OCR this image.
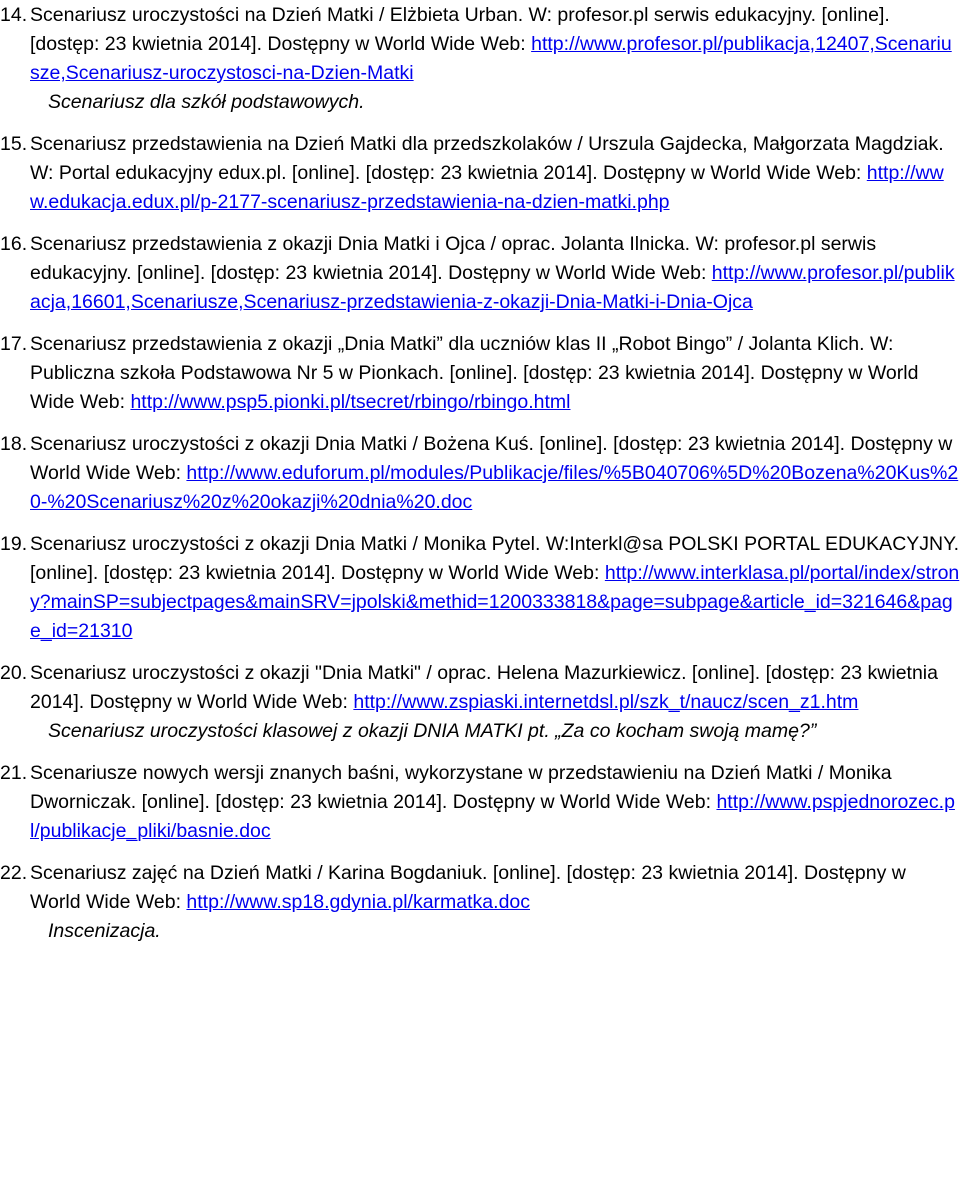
14. Scenariusz uroczystości na Dzień Matki / Elżbieta Urban. W: profesor.pl serwis edukacyjny. [online]. [dostęp: 23 kwietnia 2014]. Dostępny w World Wide Web: http://www.profesor.pl/publikacja,12407,Scenariusze,Scenariusz-uroczystosci-na-Dzien-Matki
Scenariusz dla szkół podstawowych.
15. Scenariusz przedstawienia na Dzień Matki dla przedszkolaków / Urszula Gajdecka, Małgorzata Magdziak. W: Portal edukacyjny edux.pl. [online]. [dostęp: 23 kwietnia 2014]. Dostępny w World Wide Web: http://www.edukacja.edux.pl/p-2177-scenariusz-przedstawienia-na-dzien-matki.php
16. Scenariusz przedstawienia z okazji Dnia Matki i Ojca / oprac. Jolanta Ilnicka. W: profesor.pl serwis edukacyjny. [online]. [dostęp: 23 kwietnia 2014]. Dostępny w World Wide Web: http://www.profesor.pl/publikacja,16601,Scenariusze,Scenariusz-przedstawienia-z-okazji-Dnia-Matki-i-Dnia-Ojca
17. Scenariusz przedstawienia z okazji „Dnia Matki” dla uczniów klas II „Robot Bingo” / Jolanta Klich. W: Publiczna szkoła Podstawowa Nr 5 w Pionkach. [online]. [dostęp: 23 kwietnia 2014]. Dostępny w World Wide Web: http://www.psp5.pionki.pl/tsecret/rbingo/rbingo.html
18. Scenariusz uroczystości z okazji Dnia Matki / Bożena Kuś. [online]. [dostęp: 23 kwietnia 2014]. Dostępny w World Wide Web: http://www.eduforum.pl/modules/Publikacje/files/%5B040706%5D%20Bozena%20Kus%20-%20Scenariusz%20z%20okazji%20dnia%20.doc
19. Scenariusz uroczystości z okazji Dnia Matki / Monika Pytel. W:Interkl@sa POLSKI PORTAL EDUKACYJNY. [online]. [dostęp: 23 kwietnia 2014]. Dostępny w World Wide Web: http://www.interklasa.pl/portal/index/strony?mainSP=subjectpages&mainSRV=jpolski&methid=1200333818&page=subpage&article_id=321646&page_id=21310
20. Scenariusz uroczystości z okazji "Dnia Matki" / oprac. Helena Mazurkiewicz. [online]. [dostęp: 23 kwietnia 2014]. Dostępny w World Wide Web: http://www.zspiaski.internetdsl.pl/szk_t/naucz/scen_z1.htm
Scenariusz uroczystości klasowej z okazji DNIA MATKI pt. „Za co kocham swoją mamę?”
21. Scenariusze nowych wersji znanych baśni, wykorzystane w przedstawieniu na Dzień Matki / Monika Dworniczak. [online]. [dostęp: 23 kwietnia 2014]. Dostępny w World Wide Web: http://www.pspjednorozec.pl/publikacje_pliki/basnie.doc
22. Scenariusz zajęć na Dzień Matki / Karina Bogdaniuk. [online]. [dostęp: 23 kwietnia 2014]. Dostępny w World Wide Web: http://www.sp18.gdynia.pl/karmatka.doc
Inscenizacja.
